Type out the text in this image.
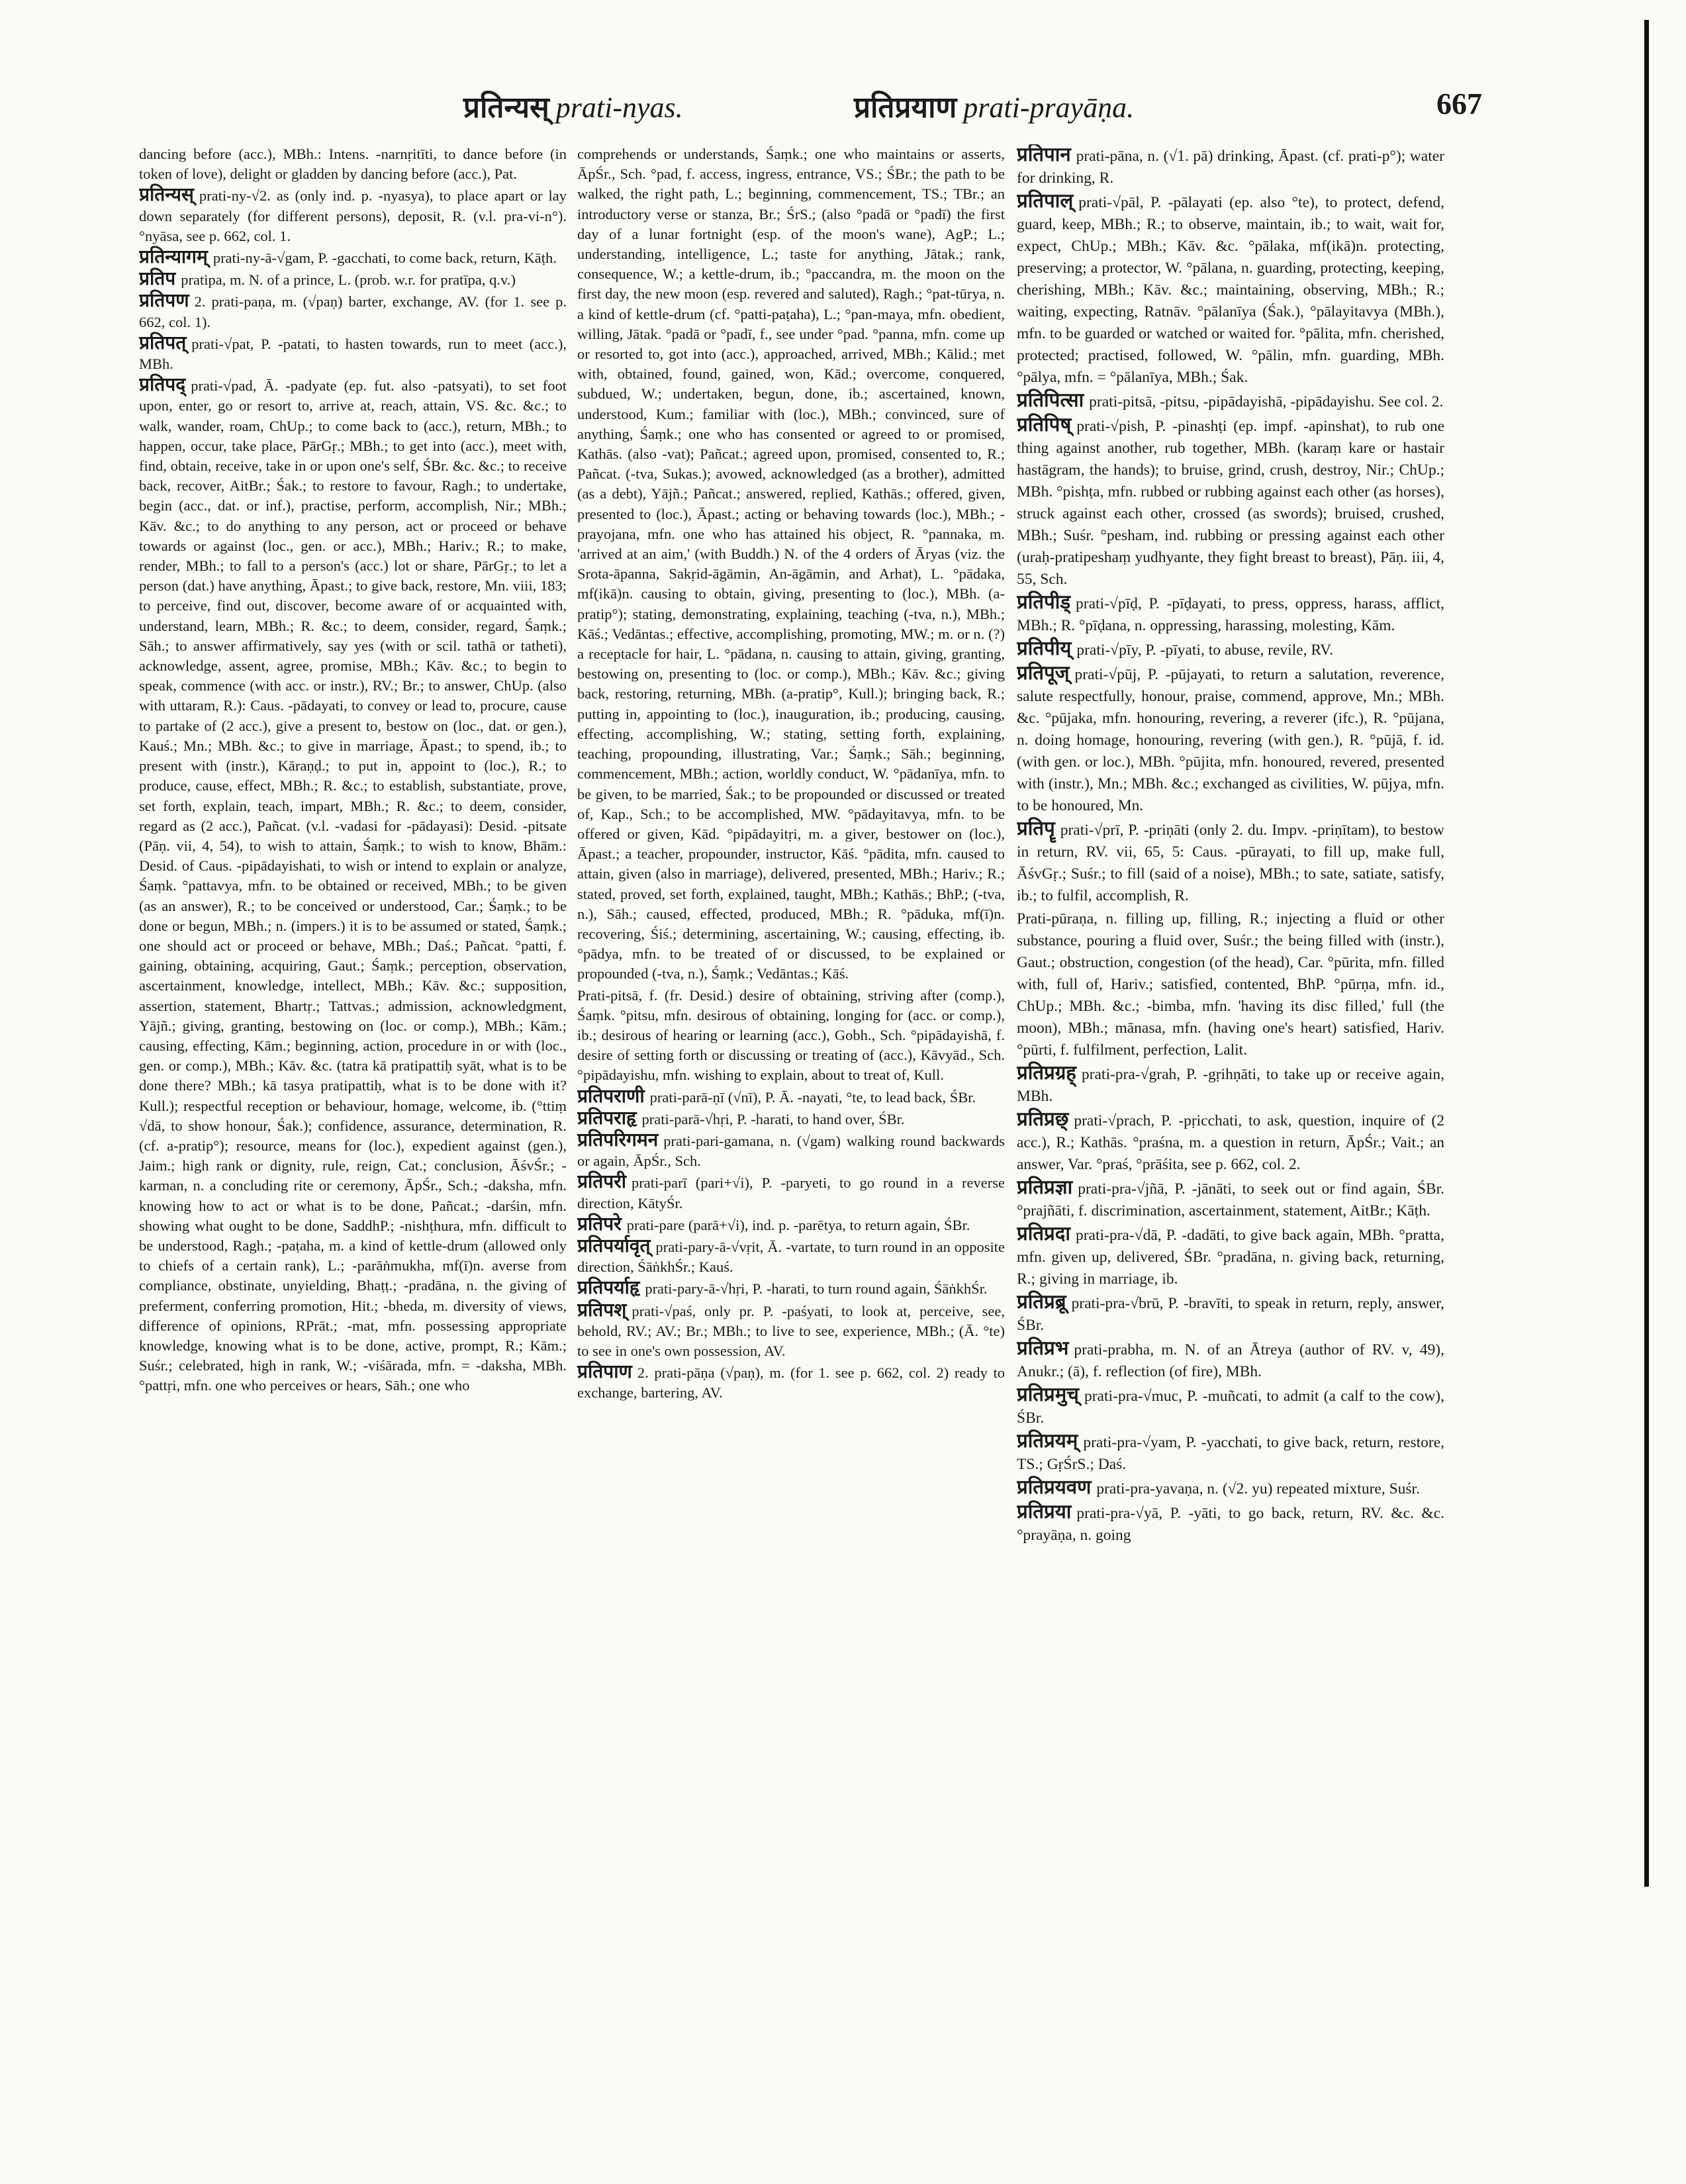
प्रतिन्यस् prati-nyas.	प्रतिप्रयाण prati-prayāṇa.	667

dancing before (acc.), MBh.: Intens. -narnṛitīti, to dance before (in token of love), delight or gladden by dancing before (acc.), Pat.

प्रतिन्यस् prati-ny-√2. as (only ind. p. -nyasya), to place apart or lay down separately (for different persons), deposit, R. (v.l. pra-vi-n°). °nyāsa, see p. 662, col. 1.

प्रतिन्यागम् prati-ny-ā-√gam, P. -gacchati, to come back, return, Kāṭh.

प्रतिप pratipa, m. N. of a prince, L. (prob. w.r. for pratīpa, q.v.)

प्रतिपण 2. prati-paṇa, m. (√paṇ) barter, exchange, AV. (for 1. see p. 662, col. 1).

प्रतिपत् prati-√pat, P. -patati, to hasten towards, run to meet (acc.), MBh.

प्रतिपद् prati-√pad, Ā. -padyate (ep. fut. also -patsyati), to set foot upon, enter, go or resort to, arrive at, reach, attain, VS. &c. &c.; to walk, wander, roam, ChUp.; to come back to (acc.), return, MBh.; to happen, occur, take place, PārGṛ.; MBh.; to get into (acc.), meet with, find, obtain, receive, take in or upon one's self, ŚBr. &c. &c.; to receive back, recover, AitBr.; Śak.; to restore to favour, Ragh.; to undertake, begin (acc., dat. or inf.), practise, perform, accomplish, Nir.; MBh.; Kāv. &c.; to do anything to any person, act or proceed or behave towards or against (loc., gen. or acc.), MBh.; Hariv.; R.; to make, render, MBh.; to fall to a person's (acc.) lot or share, PārGṛ.; to let a person (dat.) have anything, Āpast.; to give back, restore, Mn. viii, 183; to perceive, find out, discover, become aware of or acquainted with, understand, learn, MBh.; R. &c.; to deem, consider, regard, Śaṃk.; Sāh.; to answer affirmatively, say yes (with or scil. tathā or tatheti), acknowledge, assent, agree, promise, MBh.; Kāv. &c.; to begin to speak, commence (with acc. or instr.), RV.; Br.; to answer, ChUp. (also with uttaram, R.): Caus. -pādayati, to convey or lead to, procure, cause to partake of (2 acc.), give a present to, bestow on (loc., dat. or gen.), Kauś.; Mn.; MBh. &c.; to give in marriage, Āpast.; to spend, ib.; to present with (instr.), Kāraṇḍ.; to put in, appoint to (loc.), R.; to produce, cause, effect, MBh.; R. &c.; to establish, substantiate, prove, set forth, explain, teach, impart, MBh.; R. &c.; to deem, consider, regard as (2 acc.), Pañcat. (v.l. -vadasi for -pādayasi): Desid. -pitsate (Pāṇ. vii, 4, 54), to wish to attain, Śaṃk.; to wish to know, Bhām.: Desid. of Caus. -pipādayishati, to wish or intend to explain or analyze, Śaṃk. °pattavya, mfn. to be obtained or received, MBh.; to be given (as an answer), R.; to be conceived or understood, Car.; Śaṃk.; to be done or begun, MBh.; n. (impers.) it is to be assumed or stated, Śaṃk.; one should act or proceed or behave, MBh.; Daś.; Pañcat. °patti, f. gaining, obtaining, acquiring, Gaut.; Śaṃk.; perception, observation, ascertainment, knowledge, intellect, MBh.; Kāv. &c.; supposition, assertion, statement, Bhartṛ.; Tattvas.; admission, acknowledgment, Yājñ.; giving, granting, bestowing on (loc. or comp.), MBh.; Kām.; causing, effecting, Kām.; beginning, action, procedure in or with (loc., gen. or comp.), MBh.; Kāv. &c. (tatra kā pratipattiḥ syāt, what is to be done there? MBh.; kā tasya pratipattiḥ, what is to be done with it? Kull.); respectful reception or behaviour, homage, welcome, ib. (°ttiṃ √dā, to show honour, Śak.); confidence, assurance, determination, R. (cf. a-pratip°); resource, means for (loc.), expedient against (gen.), Jaim.; high rank or dignity, rule, reign, Cat.; conclusion, ĀśvŚr.; -karman, n. a concluding rite or ceremony, ĀpŚr., Sch.; -daksha, mfn. knowing how to act or what is to be done, Pañcat.; -darśin, mfn. showing what ought to be done, SaddhP.; -nishṭhura, mfn. difficult to be understood, Ragh.; -paṭaha, m. a kind of kettle-drum (allowed only to chiefs of a certain rank), L.; -parāṅmukha, mf(ī)n. averse from compliance, obstinate, unyielding, Bhaṭṭ.; -pradāna, n. the giving of preferment, conferring promotion, Hit.; -bheda, m. diversity of views, difference of opinions, RPrāt.; -mat, mfn. possessing appropriate knowledge, knowing what is to be done, active, prompt, R.; Kām.; Suśr.; celebrated, high in rank, W.; -viśārada, mfn. = -daksha, MBh. °pattṛi, mfn. one who perceives or hears, Sāh.; one who

comprehends or understands, Śaṃk.; one who maintains or asserts, ĀpŚr., Sch. °pad, f. access, ingress, entrance, VS.; ŚBr.; the path to be walked, the right path, L.; beginning, commencement, TS.; TBr.; an introductory verse or stanza, Br.; ŚrS.; (also °padā or °padī) the first day of a lunar fortnight (esp. of the moon's wane), AgP.; L.; understanding, intelligence, L.; taste for anything, Jātak.; rank, consequence, W.; a kettle-drum, ib.; °paccandra, m. the moon on the first day, the new moon (esp. revered and saluted), Ragh.; °pat-tūrya, n. a kind of kettle-drum (cf. °patti-paṭaha), L.; °pan-maya, mfn. obedient, willing, Jātak. °padā or °padī, f., see under °pad. °panna, mfn. come up or resorted to, got into (acc.), approached, arrived, MBh.; Kālid.; met with, obtained, found, gained, won, Kād.; overcome, conquered, subdued, W.; undertaken, begun, done, ib.; ascertained, known, understood, Kum.; familiar with (loc.), MBh.; convinced, sure of anything, Śaṃk.; one who has consented or agreed to or promised, Kathās. (also -vat); Pañcat.; agreed upon, promised, consented to, R.; Pañcat. (-tva, Sukas.); avowed, acknowledged (as a brother), admitted (as a debt), Yājñ.; Pañcat.; answered, replied, Kathās.; offered, given, presented to (loc.), Āpast.; acting or behaving towards (loc.), MBh.; -prayojana, mfn. one who has attained his object, R. °pannaka, m. 'arrived at an aim,' (with Buddh.) N. of the 4 orders of Āryas (viz. the Srota-āpanna, Sakṛid-āgāmin, An-āgāmin, and Arhat), L. °pādaka, mf(ikā)n. causing to obtain, giving, presenting to (loc.), MBh. (a-pratip°); stating, demonstrating, explaining, teaching (-tva, n.), MBh.; Kāś.; Vedāntas.; effective, accomplishing, promoting, MW.; m. or n. (?) a receptacle for hair, L. °pādana, n. causing to attain, giving, granting, bestowing on, presenting to (loc. or comp.), MBh.; Kāv. &c.; giving back, restoring, returning, MBh. (a-pratip°, Kull.); bringing back, R.; putting in, appointing to (loc.), inauguration, ib.; producing, causing, effecting, accomplishing, W.; stating, setting forth, explaining, teaching, propounding, illustrating, Var.; Śaṃk.; Sāh.; beginning, commencement, MBh.; action, worldly conduct, W. °pādanīya, mfn. to be given, to be married, Śak.; to be propounded or discussed or treated of, Kap., Sch.; to be accomplished, MW. °pādayitavya, mfn. to be offered or given, Kād. °pipādayitṛi, m. a giver, bestower on (loc.), Āpast.; a teacher, propounder, instructor, Kāś. °pādita, mfn. caused to attain, given (also in marriage), delivered, presented, MBh.; Hariv.; R.; stated, proved, set forth, explained, taught, MBh.; Kathās.; BhP.; (-tva, n.), Sāh.; caused, effected, produced, MBh.; R. °pāduka, mf(ī)n. recovering, Śiś.; determining, ascertaining, W.; causing, effecting, ib. °pādya, mfn. to be treated of or discussed, to be explained or propounded (-tva, n.), Śaṃk.; Vedāntas.; Kāś.

Prati-pitsā, f. (fr. Desid.) desire of obtaining, striving after (comp.), Śaṃk. °pitsu, mfn. desirous of obtaining, longing for (acc. or comp.), ib.; desirous of hearing or learning (acc.), Gobh., Sch. °pipādayishā, f. desire of setting forth or discussing or treating of (acc.), Kāvyād., Sch. °pipādayishu, mfn. wishing to explain, about to treat of, Kull.

प्रतिपराणी prati-parā-ṇī (√nī), P. Ā. -nayati, °te, to lead back, ŚBr.

प्रतिपराहृ prati-parā-√hṛi, P. -harati, to hand over, ŚBr.

प्रतिपरिगमन prati-pari-gamana, n. (√gam) walking round backwards or again, ĀpŚr., Sch.

प्रतिपरी prati-parī (pari+√i), P. -paryeti, to go round in a reverse direction, KātyŚr.

प्रतिपरे prati-pare (parā+√i), ind. p. -parētya, to return again, ŚBr.

प्रतिपर्यावृत् prati-pary-ā-√vṛit, Ā. -vartate, to turn round in an opposite direction, ŚāṅkhŚr.; Kauś.

प्रतिपर्याहृ prati-pary-ā-√hṛi, P. -harati, to turn round again, ŚāṅkhŚr.

प्रतिपश् prati-√paś, only pr. P. -paśyati, to look at, perceive, see, behold, RV.; AV.; Br.; MBh.; to live to see, experience, MBh.; (Ā. °te) to see in one's own possession, AV.

प्रतिपाण 2. prati-pāṇa (√paṇ), m. (for 1. see p. 662, col. 2) ready to exchange, bartering, AV.

प्रतिपान prati-pāna, n. (√1. pā) drinking, Āpast. (cf. prati-p°); water for drinking, R.

प्रतिपाल् prati-√pāl, P. -pālayati (ep. also °te), to protect, defend, guard, keep, MBh.; R.; to observe, maintain, ib.; to wait, wait for, expect, ChUp.; MBh.; Kāv. &c. °pālaka, mf(ikā)n. protecting, preserving; a protector, W. °pālana, n. guarding, protecting, keeping, cherishing, MBh.; Kāv. &c.; maintaining, observing, MBh.; R.; waiting, expecting, Ratnāv. °pālanīya (Śak.), °pālayitavya (MBh.), mfn. to be guarded or watched or waited for. °pālita, mfn. cherished, protected; practised, followed, W. °pālin, mfn. guarding, MBh. °pālya, mfn. = °pālanīya, MBh.; Śak.

प्रतिपित्सा prati-pitsā, -pitsu, -pipādayishā, -pipādayishu. See col. 2.

प्रतिपिष् prati-√pish, P. -pinashṭi (ep. impf. -apinshat), to rub one thing against another, rub together, MBh. (karaṃ kare or hastair hastāgram, the hands); to bruise, grind, crush, destroy, Nir.; ChUp.; MBh. °pishṭa, mfn. rubbed or rubbing against each other (as horses), struck against each other, crossed (as swords); bruised, crushed, MBh.; Suśr. °pesham, ind. rubbing or pressing against each other (uraḥ-pratipeshaṃ yudhyante, they fight breast to breast), Pāṇ. iii, 4, 55, Sch.

प्रतिपीड् prati-√pīḍ, P. -pīḍayati, to press, oppress, harass, afflict, MBh.; R. °pīḍana, n. oppressing, harassing, molesting, Kām.

प्रतिपीय् prati-√pīy, P. -pīyati, to abuse, revile, RV.

प्रतिपूज् prati-√pūj, P. -pūjayati, to return a salutation, reverence, salute respectfully, honour, praise, commend, approve, Mn.; MBh. &c. °pūjaka, mfn. honouring, revering, a reverer (ifc.), R. °pūjana, n. doing homage, honouring, revering (with gen.), R. °pūjā, f. id. (with gen. or loc.), MBh. °pūjita, mfn. honoured, revered, presented with (instr.), Mn.; MBh. &c.; exchanged as civilities, W. pūjya, mfn. to be honoured, Mn.

प्रतिपॄ prati-√prī, P. -priṇāti (only 2. du. Impv. -priṇītam), to bestow in return, RV. vii, 65, 5: Caus. -pūrayati, to fill up, make full, ĀśvGṛ.; Suśr.; to fill (said of a noise), MBh.; to sate, satiate, satisfy, ib.; to fulfil, accomplish, R.

Prati-pūraṇa, n. filling up, filling, R.; injecting a fluid or other substance, pouring a fluid over, Suśr.; the being filled with (instr.), Gaut.; obstruction, congestion (of the head), Car. °pūrita, mfn. filled with, full of, Hariv.; satisfied, contented, BhP. °pūrṇa, mfn. id., ChUp.; MBh. &c.; -bimba, mfn. 'having its disc filled,' full (the moon), MBh.; mānasa, mfn. (having one's heart) satisfied, Hariv. °pūrti, f. fulfilment, perfection, Lalit.

प्रतिप्रग्रह् prati-pra-√grah, P. -gṛihṇāti, to take up or receive again, MBh.

प्रतिप्रछ् prati-√prach, P. -pṛicchati, to ask, question, inquire of (2 acc.), R.; Kathās. °praśna, m. a question in return, ĀpŚr.; Vait.; an answer, Var. °praś, °prāśita, see p. 662, col. 2.

प्रतिप्रज्ञा prati-pra-√jñā, P. -jānāti, to seek out or find again, ŚBr. °prajñāti, f. discrimination, ascertainment, statement, AitBr.; Kāṭh.

प्रतिप्रदा prati-pra-√dā, P. -dadāti, to give back again, MBh. °pratta, mfn. given up, delivered, ŚBr. °pradāna, n. giving back, returning, R.; giving in marriage, ib.

प्रतिप्रब्रू prati-pra-√brū, P. -bravīti, to speak in return, reply, answer, ŚBr.

प्रतिप्रभ prati-prabha, m. N. of an Ātreya (author of RV. v, 49), Anukr.; (ā), f. reflection (of fire), MBh.

प्रतिप्रमुच् prati-pra-√muc, P. -muñcati, to admit (a calf to the cow), ŚBr.

प्रतिप्रयम् prati-pra-√yam, P. -yacchati, to give back, return, restore, TS.; GṛŚrS.; Daś.

प्रतिप्रयवण prati-pra-yavaṇa, n. (√2. yu) repeated mixture, Suśr.

प्रतिप्रया prati-pra-√yā, P. -yāti, to go back, return, RV. &c. &c. °prayāṇa, n. going
